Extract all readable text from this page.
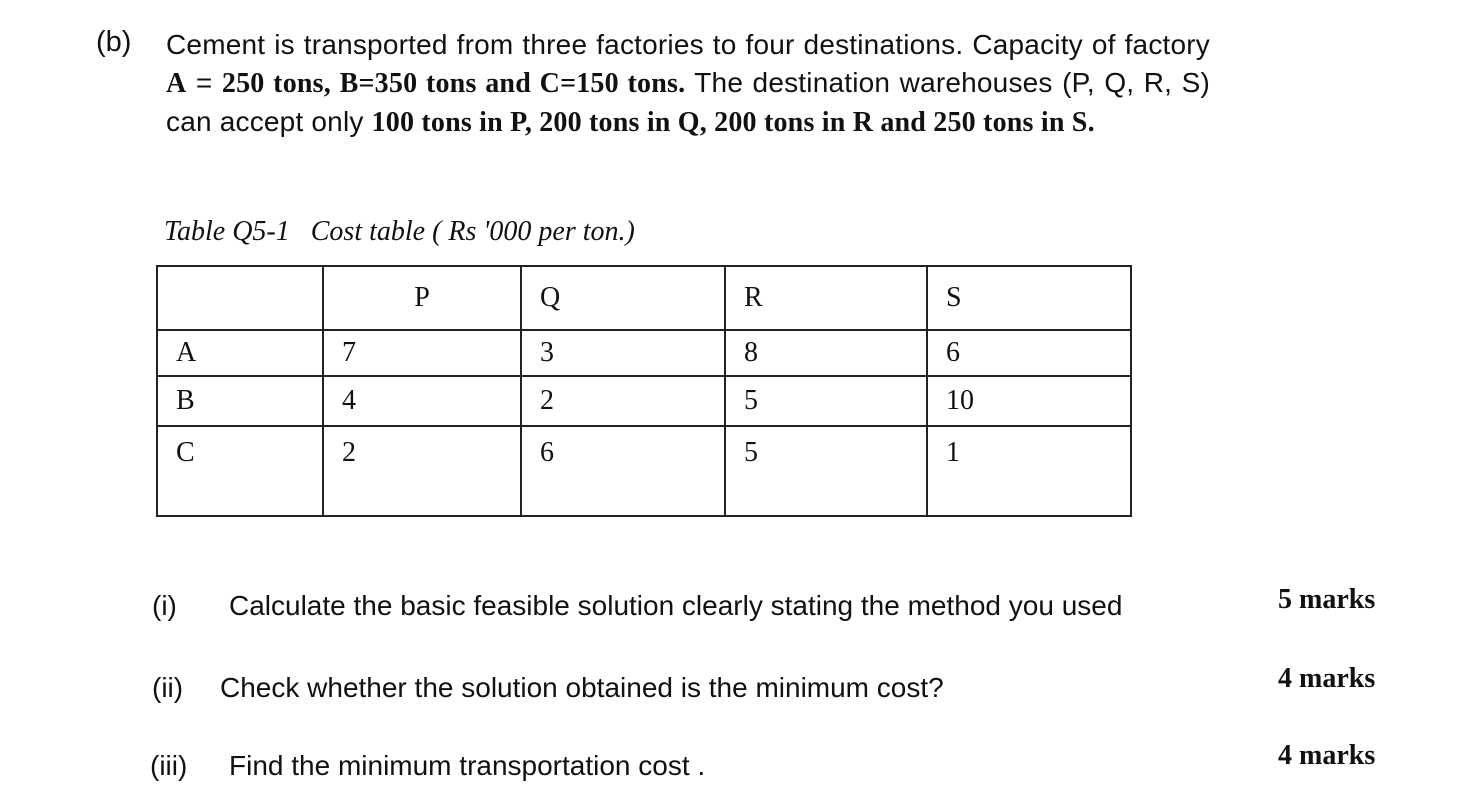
(b) Cement is transported from three factories to four destinations. Capacity of factory A = 250 tons, B=350 tons and C=150 tons. The destination warehouses (P, Q, R, S) can accept only 100 tons in P, 200 tons in Q, 200 tons in R and 250 tons in S.
Table Q5-1   Cost table ( Rs '000 per ton.)
	P	Q	R	S
A	7	3	8	6
B	4	2	5	10
C	2	6	5	1
(i) Calculate the basic feasible solution clearly stating the method you used	5 marks
(ii) Check whether the solution obtained is the minimum cost?	4 marks
(iii) Find the minimum transportation cost .	4 marks
